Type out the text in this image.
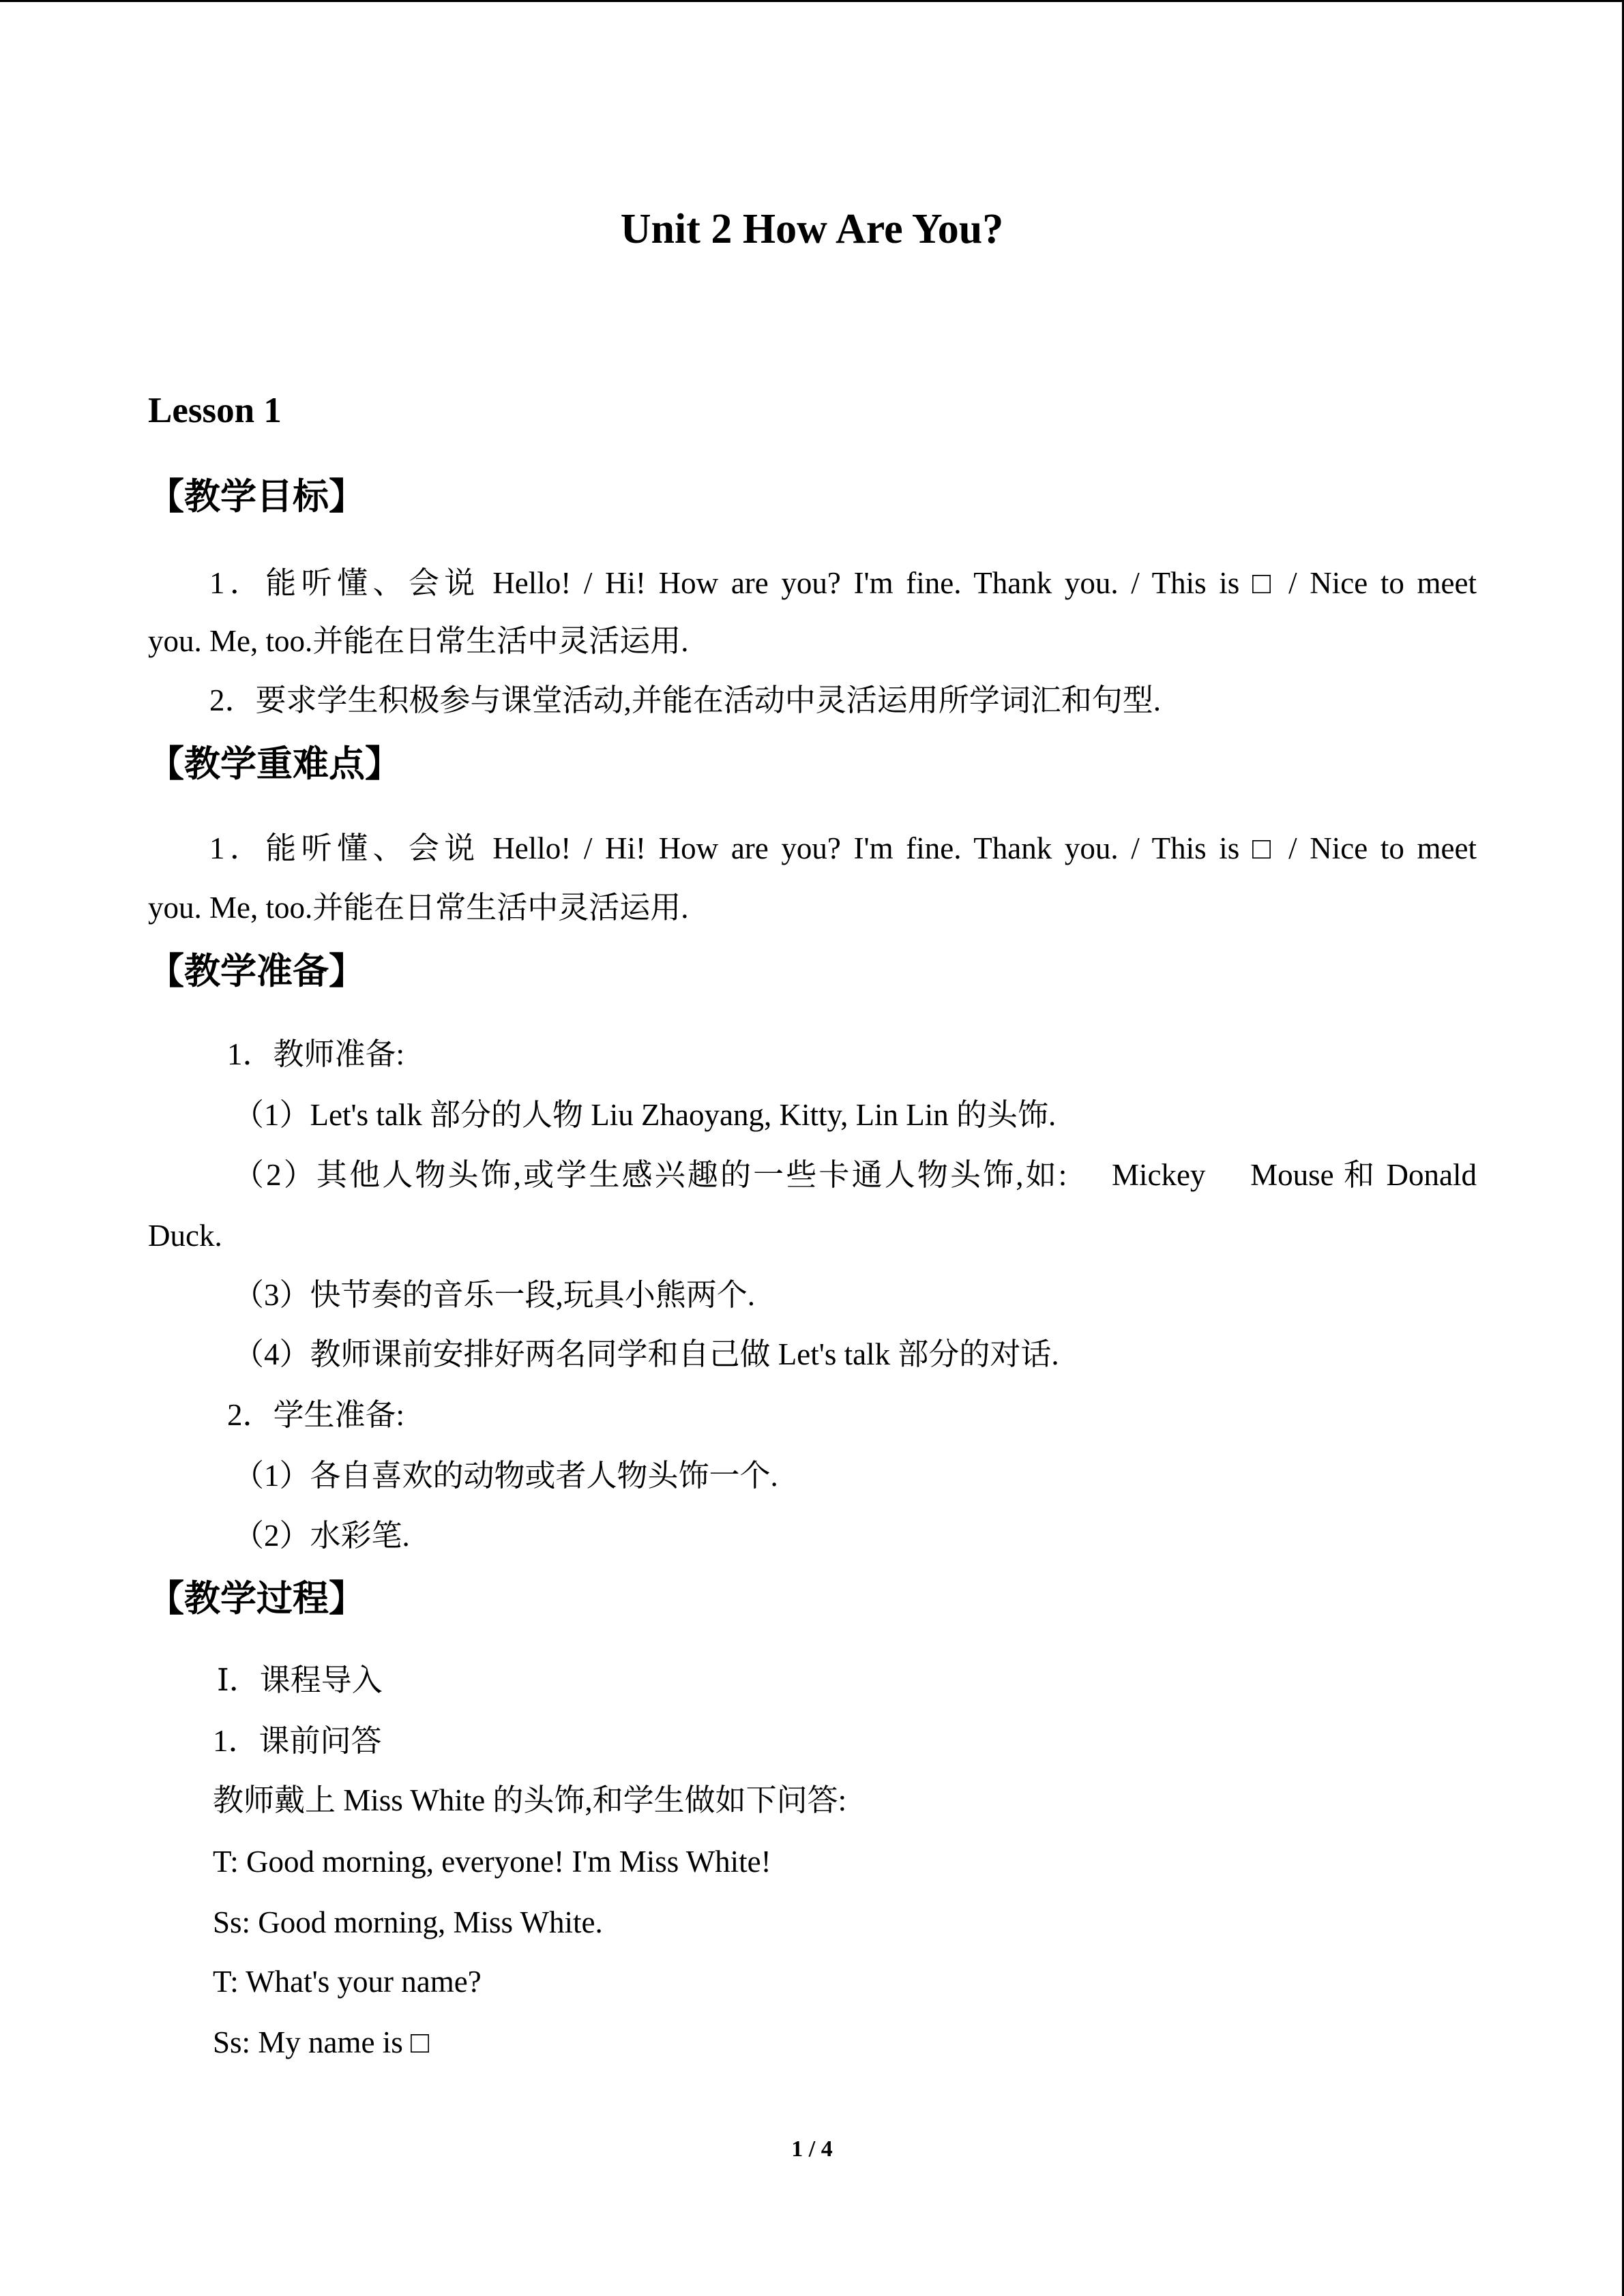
Unit 2 How Are You?
Lesson 1
【教学目标】
1．能听懂、会说 Hello! / Hi! How are you? I'm fine. Thank you. / This is □ / Nice to meet
you. Me, too.并能在日常生活中灵活运用.
2．要求学生积极参与课堂活动,并能在活动中灵活运用所学词汇和句型.
【教学重难点】
1．能听懂、会说 Hello! / Hi! How are you? I'm fine. Thank you. / This is □ / Nice to meet
you. Me, too.并能在日常生活中灵活运用.
【教学准备】
1．教师准备:
（1）Let's talk 部分的人物 Liu Zhaoyang, Kitty, Lin Lin 的头饰.
（2）其他人物头饰,或学生感兴趣的一些卡通人物头饰,如:　 Mickey　 Mouse 和 Donald
Duck.
（3）快节奏的音乐一段,玩具小熊两个.
（4）教师课前安排好两名同学和自己做 Let's talk 部分的对话.
2．学生准备:
（1）各自喜欢的动物或者人物头饰一个.
（2）水彩笔.
【教学过程】
Ⅰ．课程导入
1．课前问答
教师戴上 Miss White 的头饰,和学生做如下问答:
T: Good morning, everyone! I'm Miss White!
Ss: Good morning, Miss White.
T: What's your name?
Ss: My name is □
1 / 4
